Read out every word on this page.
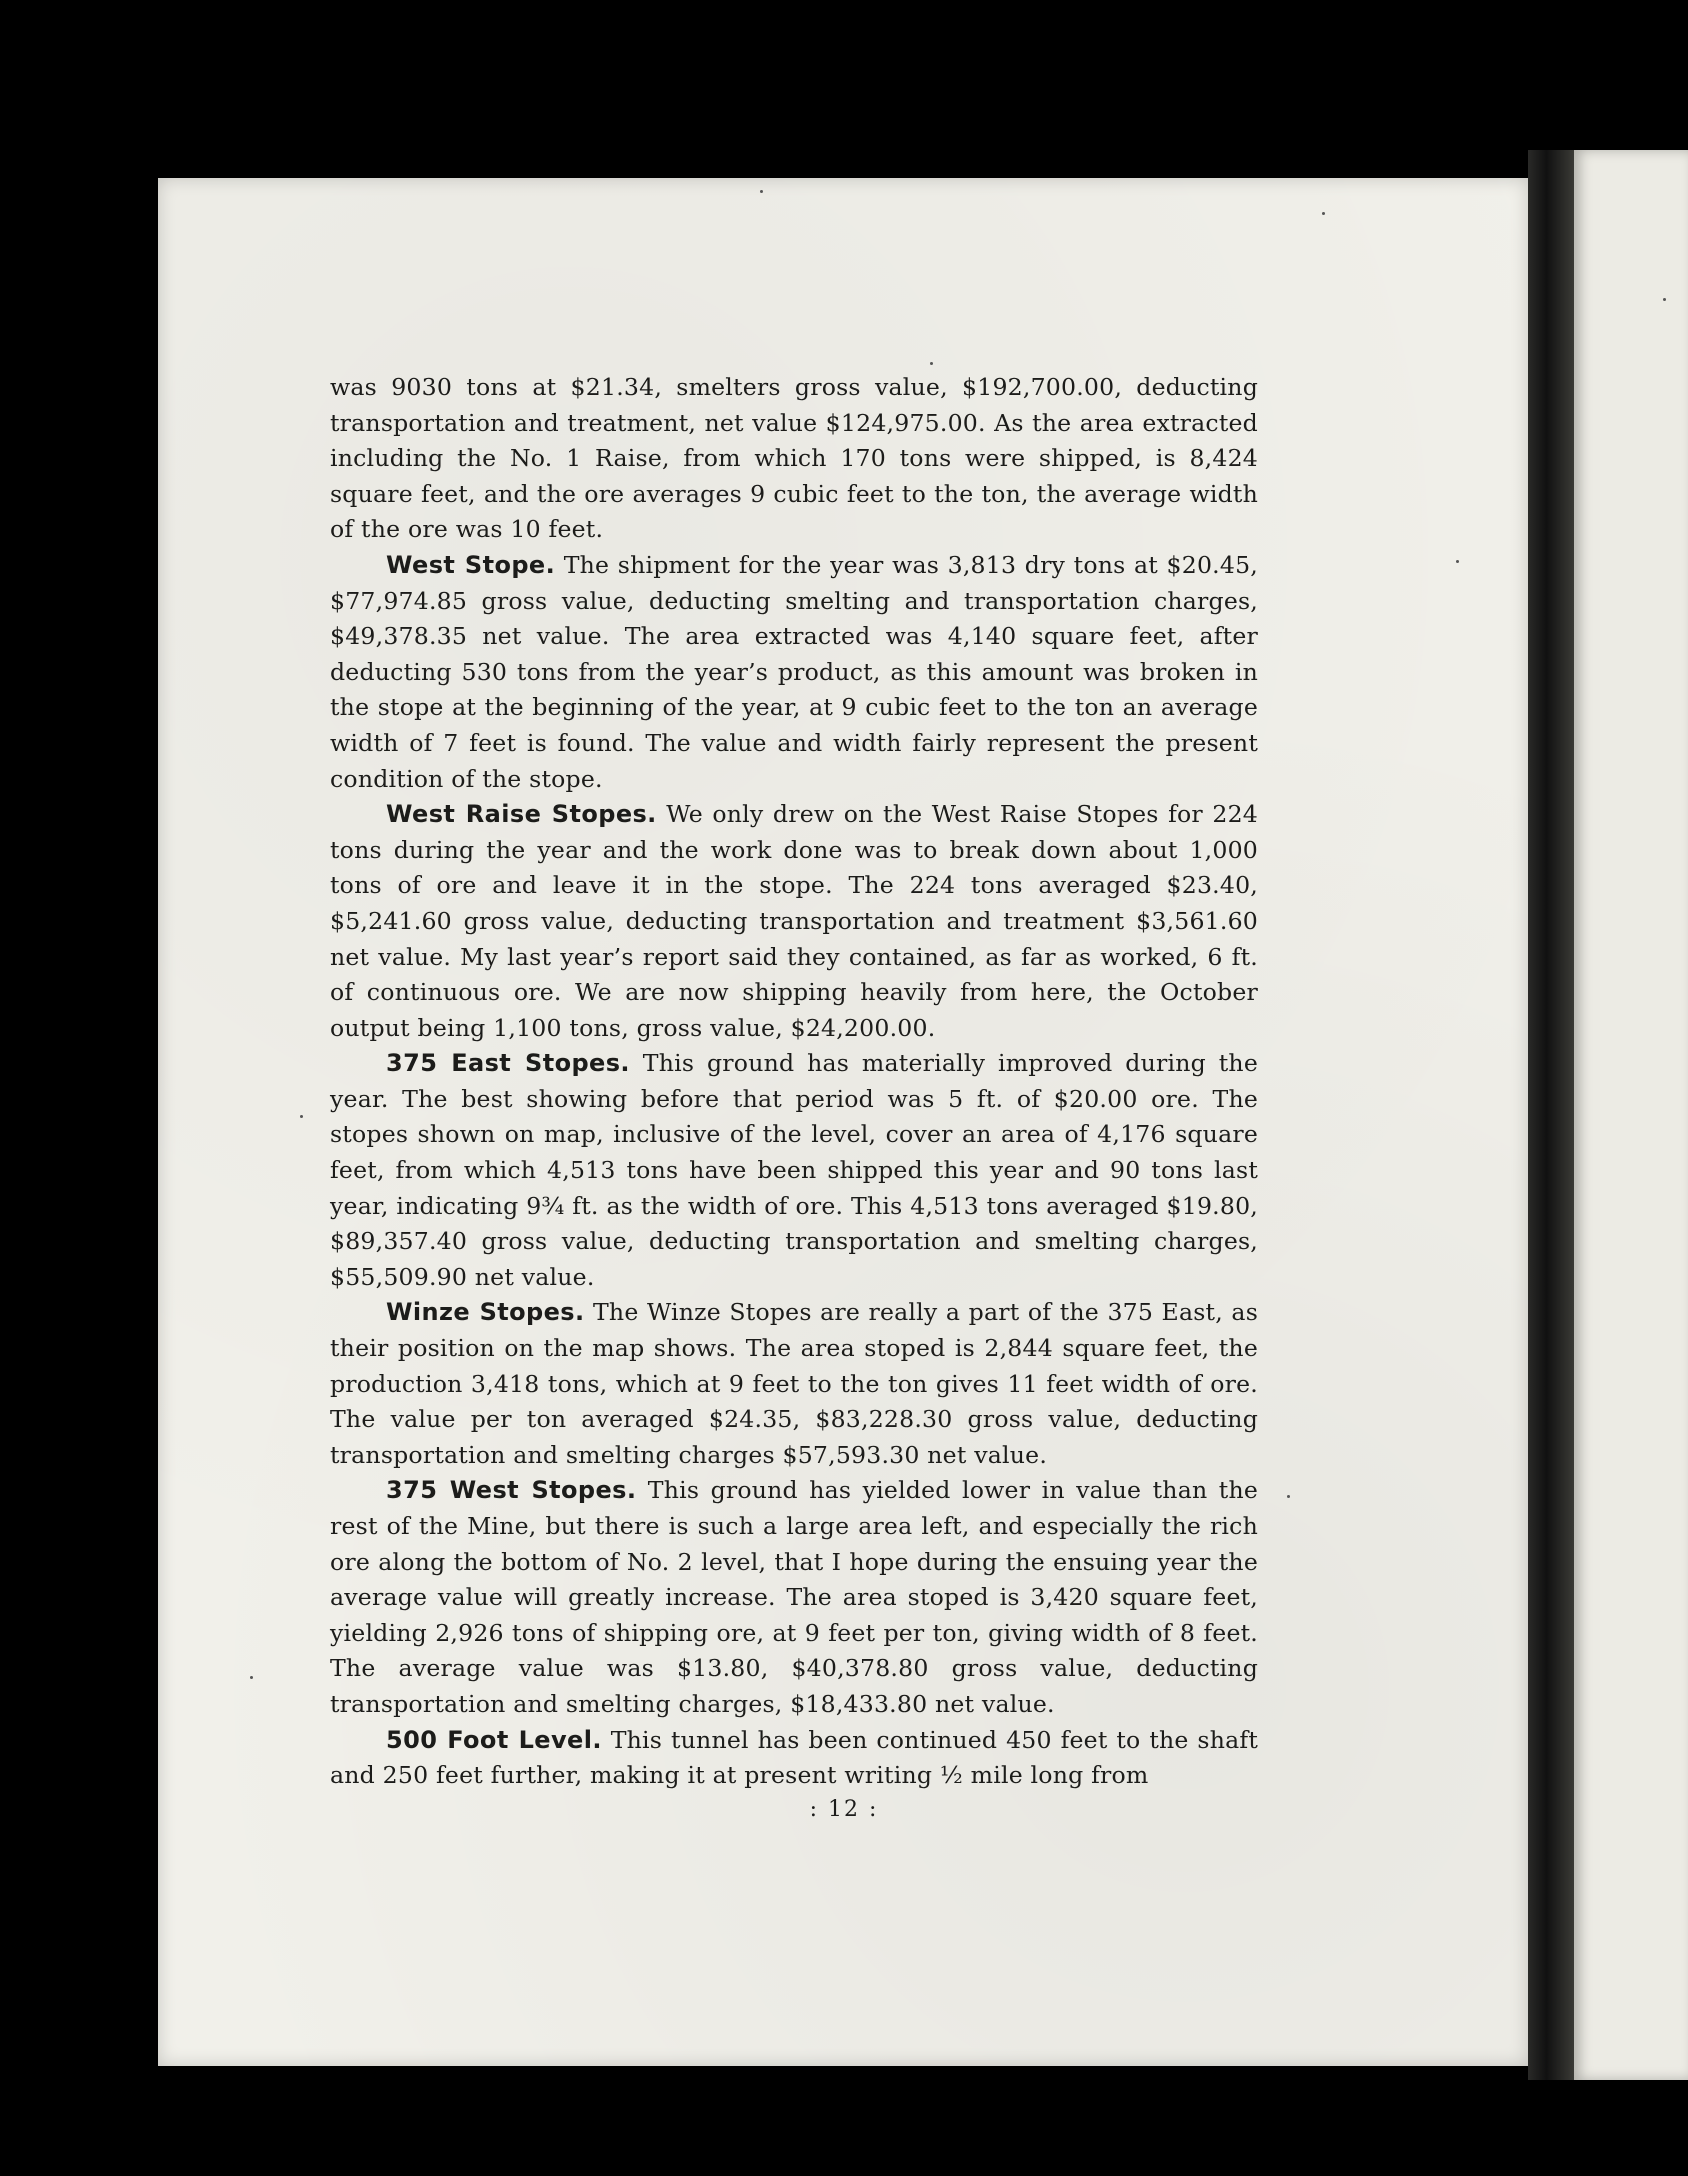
was 9030 tons at $21.34, smelters gross value, $192,700.00, deducting transportation and treatment, net value $124,975.00. As the area extracted including the No. 1 Raise, from which 170 tons were shipped, is 8,424 square feet, and the ore averages 9 cubic feet to the ton, the average width of the ore was 10 feet.

West Stope. The shipment for the year was 3,813 dry tons at $20.45, $77,974.85 gross value, deducting smelting and transportation charges, $49,378.35 net value. The area extracted was 4,140 square feet, after deducting 530 tons from the year’s product, as this amount was broken in the stope at the beginning of the year, at 9 cubic feet to the ton an average width of 7 feet is found. The value and width fairly represent the present condition of the stope.

West Raise Stopes. We only drew on the West Raise Stopes for 224 tons during the year and the work done was to break down about 1,000 tons of ore and leave it in the stope. The 224 tons averaged $23.40, $5,241.60 gross value, deducting transportation and treatment $3,561.60 net value. My last year’s report said they contained, as far as worked, 6 ft. of continuous ore. We are now shipping heavily from here, the October output being 1,100 tons, gross value, $24,200.00.

375 East Stopes. This ground has materially improved during the year. The best showing before that period was 5 ft. of $20.00 ore. The stopes shown on map, inclusive of the level, cover an area of 4,176 square feet, from which 4,513 tons have been shipped this year and 90 tons last year, indicating 9¾ ft. as the width of ore. This 4,513 tons averaged $19.80, $89,357.40 gross value, deducting transportation and smelting charges, $55,509.90 net value.

Winze Stopes. The Winze Stopes are really a part of the 375 East, as their position on the map shows. The area stoped is 2,844 square feet, the production 3,418 tons, which at 9 feet to the ton gives 11 feet width of ore. The value per ton averaged $24.35, $83,228.30 gross value, deducting transportation and smelting charges $57,593.30 net value.

375 West Stopes. This ground has yielded lower in value than the rest of the Mine, but there is such a large area left, and especially the rich ore along the bottom of No. 2 level, that I hope during the ensuing year the average value will greatly increase. The area stoped is 3,420 square feet, yielding 2,926 tons of shipping ore, at 9 feet per ton, giving width of 8 feet. The average value was $13.80, $40,378.80 gross value, deducting transportation and smelting charges, $18,433.80 net value.

500 Foot Level. This tunnel has been continued 450 feet to the shaft and 250 feet further, making it at present writing ½ mile long from

: 12 :
